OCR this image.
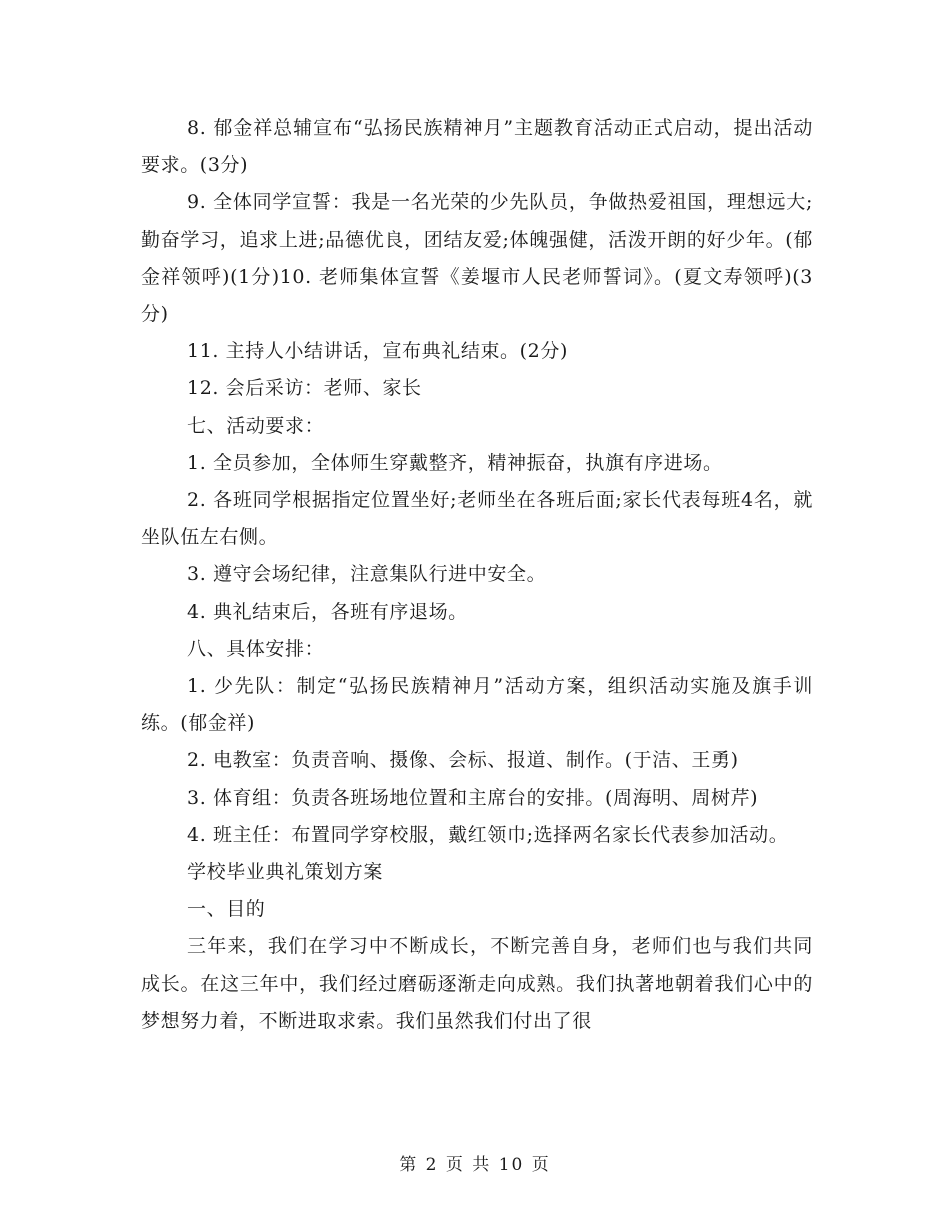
8. 郁金祥总辅宣布“弘扬民族精神月”主题教育活动正式启动，提出活动要求。(3分)

9. 全体同学宣誓：我是一名光荣的少先队员，争做热爱祖国，理想远大;勤奋学习，追求上进;品德优良，团结友爱;体魄强健，活泼开朗的好少年。(郁金祥领呼)(1分)10. 老师集体宣誓《姜堰市人民老师誓词》。(夏文寿领呼)(3分)

11. 主持人小结讲话，宣布典礼结束。(2分)

12. 会后采访：老师、家长

七、活动要求：

1. 全员参加，全体师生穿戴整齐，精神振奋，执旗有序进场。

2. 各班同学根据指定位置坐好;老师坐在各班后面;家长代表每班4名，就坐队伍左右侧。

3. 遵守会场纪律，注意集队行进中安全。

4. 典礼结束后，各班有序退场。

八、具体安排：

1. 少先队：制定“弘扬民族精神月”活动方案，组织活动实施及旗手训练。(郁金祥)

2. 电教室：负责音响、摄像、会标、报道、制作。(于洁、王勇)

3. 体育组：负责各班场地位置和主席台的安排。(周海明、周树芹)

4. 班主任：布置同学穿校服，戴红领巾;选择两名家长代表参加活动。

学校毕业典礼策划方案

一、目的

三年来，我们在学习中不断成长，不断完善自身，老师们也与我们共同成长。在这三年中，我们经过磨砺逐渐走向成熟。我们执著地朝着我们心中的梦想努力着，不断进取求索。我们虽然我们付出了很

第 2 页 共 10 页
